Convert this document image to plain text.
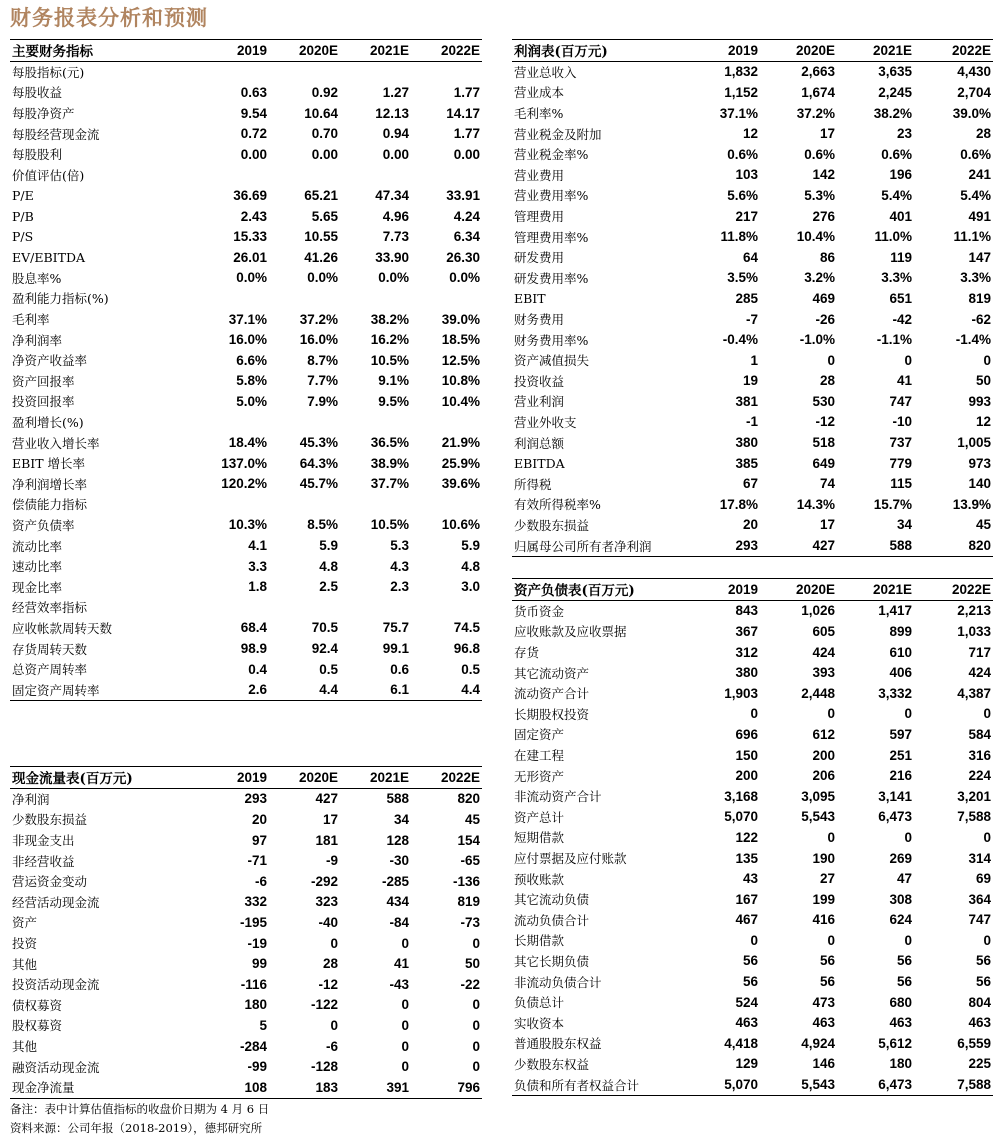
财务报表分析和预测
主要财务指标	2019	2020E	2021E	2022E
每股指标(元)				
每股收益	0.63	0.92	1.27	1.77
每股净资产	9.54	10.64	12.13	14.17
每股经营现金流	0.72	0.70	0.94	1.77
每股股利	0.00	0.00	0.00	0.00
价值评估(倍)				
P/E	36.69	65.21	47.34	33.91
P/B	2.43	5.65	4.96	4.24
P/S	15.33	10.55	7.73	6.34
EV/EBITDA	26.01	41.26	33.90	26.30
股息率%	0.0%	0.0%	0.0%	0.0%
盈利能力指标(%)				
毛利率	37.1%	37.2%	38.2%	39.0%
净利润率	16.0%	16.0%	16.2%	18.5%
净资产收益率	6.6%	8.7%	10.5%	12.5%
资产回报率	5.8%	7.7%	9.1%	10.8%
投资回报率	5.0%	7.9%	9.5%	10.4%
盈利增长(%)				
营业收入增长率	18.4%	45.3%	36.5%	21.9%
EBIT 增长率	137.0%	64.3%	38.9%	25.9%
净利润增长率	120.2%	45.7%	37.7%	39.6%
偿债能力指标				
资产负债率	10.3%	8.5%	10.5%	10.6%
流动比率	4.1	5.9	5.3	5.9
速动比率	3.3	4.8	4.3	4.8
现金比率	1.8	2.5	2.3	3.0
经营效率指标				
应收帐款周转天数	68.4	70.5	75.7	74.5
存货周转天数	98.9	92.4	99.1	96.8
总资产周转率	0.4	0.5	0.6	0.5
固定资产周转率	2.6	4.4	6.1	4.4
利润表(百万元)	2019	2020E	2021E	2022E
营业总收入	1,832	2,663	3,635	4,430
营业成本	1,152	1,674	2,245	2,704
毛利率%	37.1%	37.2%	38.2%	39.0%
营业税金及附加	12	17	23	28
营业税金率%	0.6%	0.6%	0.6%	0.6%
营业费用	103	142	196	241
营业费用率%	5.6%	5.3%	5.4%	5.4%
管理费用	217	276	401	491
管理费用率%	11.8%	10.4%	11.0%	11.1%
研发费用	64	86	119	147
研发费用率%	3.5%	3.2%	3.3%	3.3%
EBIT	285	469	651	819
财务费用	-7	-26	-42	-62
财务费用率%	-0.4%	-1.0%	-1.1%	-1.4%
资产减值损失	1	0	0	0
投资收益	19	28	41	50
营业利润	381	530	747	993
营业外收支	-1	-12	-10	12
利润总额	380	518	737	1,005
EBITDA	385	649	779	973
所得税	67	74	115	140
有效所得税率%	17.8%	14.3%	15.7%	13.9%
少数股东损益	20	17	34	45
归属母公司所有者净利润	293	427	588	820
资产负债表(百万元)	2019	2020E	2021E	2022E
货币资金	843	1,026	1,417	2,213
应收账款及应收票据	367	605	899	1,033
存货	312	424	610	717
其它流动资产	380	393	406	424
流动资产合计	1,903	2,448	3,332	4,387
长期股权投资	0	0	0	0
固定资产	696	612	597	584
在建工程	150	200	251	316
无形资产	200	206	216	224
非流动资产合计	3,168	3,095	3,141	3,201
资产总计	5,070	5,543	6,473	7,588
短期借款	122	0	0	0
应付票据及应付账款	135	190	269	314
预收账款	43	27	47	69
其它流动负债	167	199	308	364
流动负债合计	467	416	624	747
长期借款	0	0	0	0
其它长期负债	56	56	56	56
非流动负债合计	56	56	56	56
负债总计	524	473	680	804
实收资本	463	463	463	463
普通股股东权益	4,418	4,924	5,612	6,559
少数股东权益	129	146	180	225
负债和所有者权益合计	5,070	5,543	6,473	7,588
现金流量表(百万元)	2019	2020E	2021E	2022E
净利润	293	427	588	820
少数股东损益	20	17	34	45
非现金支出	97	181	128	154
非经营收益	-71	-9	-30	-65
营运资金变动	-6	-292	-285	-136
经营活动现金流	332	323	434	819
资产	-195	-40	-84	-73
投资	-19	0	0	0
其他	99	28	41	50
投资活动现金流	-116	-12	-43	-22
债权募资	180	-122	0	0
股权募资	5	0	0	0
其他	-284	-6	0	0
融资活动现金流	-99	-128	0	0
现金净流量	108	183	391	796
备注：表中计算估值指标的收盘价日期为 4 月 6 日
资料来源：公司年报（2018-2019），德邦研究所
